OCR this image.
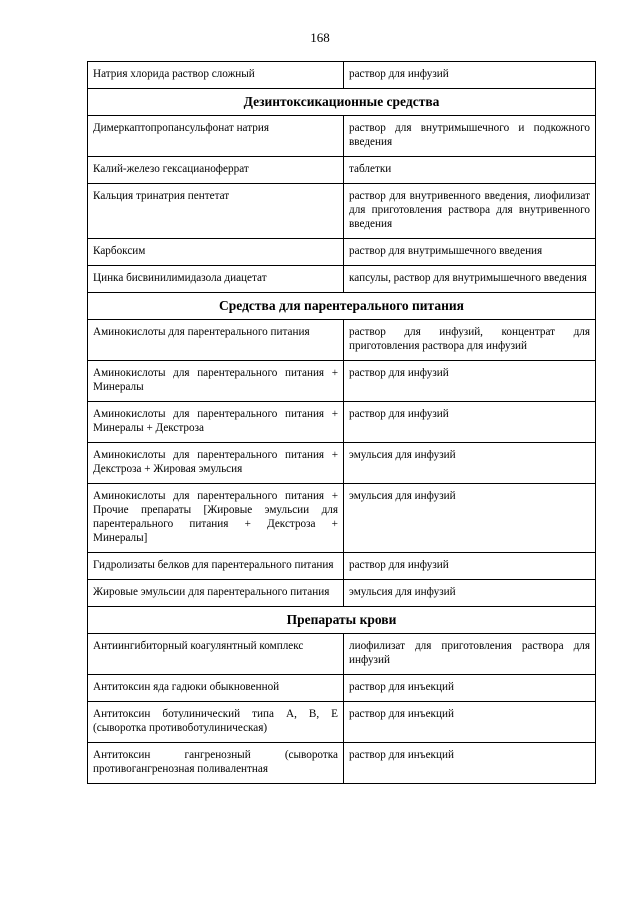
168
Натрия хлорида раствор сложный	раствор для инфузий
Дезинтоксикационные средства	
Димеркаптопропансульфонат натрия	раствор для внутримышечного и подкожного введения
Калий-железо гексацианоферрат	таблетки
Кальция тринатрия пентетат	раствор для внутривенного введения, лиофилизат для приготовления раствора для внутривенного введения
Карбоксим	раствор для внутримышечного введения
Цинка бисвинилимидазола диацетат	капсулы, раствор для внутримышечного введения
Средства для парентерального питания	
Аминокислоты для парентерального питания	раствор для инфузий, концентрат для приготовления раствора для инфузий
Аминокислоты для парентерального питания + Минералы	раствор для инфузий
Аминокислоты для парентерального питания + Минералы + Декстроза	раствор для инфузий
Аминокислоты для парентерального питания + Декстроза + Жировая эмульсия	эмульсия для инфузий
Аминокислоты для парентерального питания + Прочие препараты [Жировые эмульсии для парентерального питания + Декстроза + Минералы]	эмульсия для инфузий
Гидролизаты белков для парентерального питания	раствор для инфузий
Жировые эмульсии для парентерального питания	эмульсия для инфузий
Препараты крови	
Антиингибиторный коагулянтный комплекс	лиофилизат для приготовления раствора для инфузий
Антитоксин яда гадюки обыкновенной	раствор для инъекций
Антитоксин ботулинический типа A, B, E (сыворотка противоботулиническая)	раствор для инъекций
Антитоксин гангренозный (сыворотка противогангренозная поливалентная	раствор для инъекций
